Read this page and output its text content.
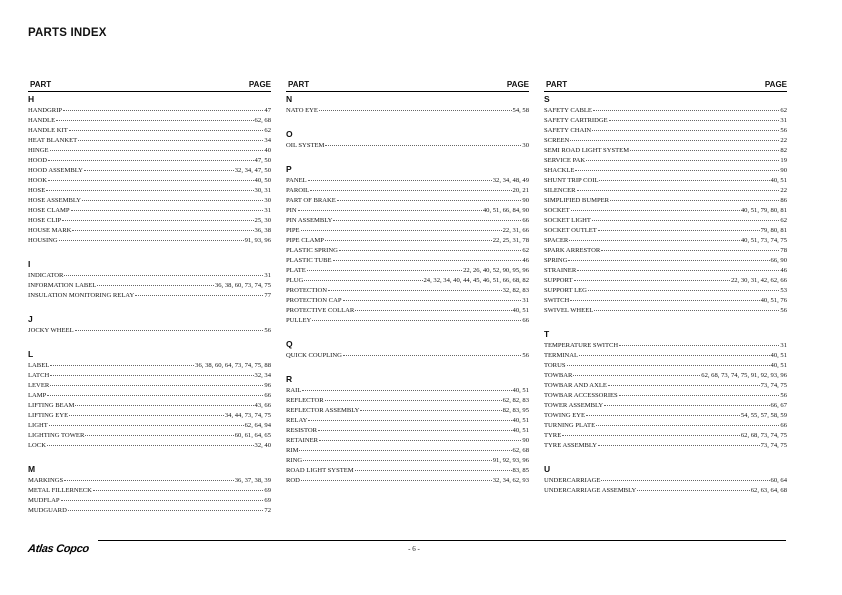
PARTS INDEX
PART	PAGE
H
HANDGRIP	47
HANDLE	62, 68
HANDLE KIT	62
HEAT BLANKET	34
HINGE	40
HOOD	47, 50
HOOD ASSEMBLY	32, 34, 47, 50
HOOK	40, 50
HOSE	30, 31
HOSE ASSEMBLY	30
HOSE CLAMP	31
HOSE CLIP	25, 30
HOUSE MARK	36, 38
HOUSING	91, 93, 96
I
INDICATOR	31
INFORMATION LABEL	36, 38, 60, 73, 74, 75
INSULATION MONITORING RELAY	77
J
JOCKY WHEEL	56
L
LABEL	36, 38, 60, 64, 73, 74, 75, 88
LATCH	32, 34
LEVER	96
LAMP	66
LIFTING BEAM	43, 66
LIFTING EYE	34, 44, 73, 74, 75
LIGHT	62, 64, 94
LIGHTING TOWER	60, 61, 64, 65
LOCK	32, 40
M
MARKINGS	36, 37, 38, 39
METAL FILLERNECK	69
MUDFLAP	69
MUDGUARD	72
PART	PAGE
N
NATO EYE	54, 58
O
OIL SYSTEM	30
P
PANEL	32, 34, 48, 49
PAROIL	20, 21
PART OF BRAKE	90
PIN	40, 51, 66, 84, 90
PIN ASSEMBLY	66
PIPE	22, 31, 66
PIPE CLAMP	22, 25, 31, 78
PLASTIC SPRING	62
PLASTIC TUBE	46
PLATE	22, 26, 40, 52, 90, 95, 96
PLUG	24, 32, 34, 40, 44, 45, 46, 51, 66, 68, 82
PROTECTION	32, 82, 83
PROTECTION CAP	31
PROTECTIVE COLLAR	40, 51
PULLEY	66
Q
QUICK COUPLING	56
R
RAIL	40, 51
REFLECTOR	62, 82, 83
REFLECTOR ASSEMBLY	82, 83, 95
RELAY	40, 51
RESISTOR	40, 51
RETAINER	90
RIM	62, 68
RING	91, 92, 93, 96
ROAD LIGHT SYSTEM	83, 85
ROD	32, 34, 62, 93
PART	PAGE
S
SAFETY CABLE	62
SAFETY CARTRIDGE	31
SAFETY CHAIN	56
SCREEN	22
SEMI ROAD LIGHT SYSTEM	82
SERVICE PAK	19
SHACKLE	90
SHUNT TRIP COIL	40, 51
SILENCER	22
SIMPLIFIED BUMPER	86
SOCKET	40, 51, 79, 80, 81
SOCKET LIGHT	62
SOCKET OUTLET	79, 80, 81
SPACER	40, 51, 73, 74, 75
SPARK ARRESTOR	78
SPRING	66, 90
STRAINER	46
SUPPORT	22, 30, 31, 42, 62, 66
SUPPORT LEG	53
SWITCH	40, 51, 76
SWIVEL WHEEL	56
T
TEMPERATURE SWITCH	31
TERMINAL	40, 51
TORUS	40, 51
TOWBAR	62, 68, 73, 74, 75, 91, 92, 93, 96
TOWBAR AND AXLE	73, 74, 75
TOWBAR ACCESSORIES	56
TOWER ASSEMBLY	66, 67
TOWING EYE	54, 55, 57, 58, 59
TURNING PLATE	66
TYRE	62, 68, 73, 74, 75
TYRE ASSEMBLY	73, 74, 75
U
UNDERCARRIAGE	60, 64
UNDERCARRIAGE ASSEMBLY	62, 63, 64, 68
Atlas Copco	- 6 -
